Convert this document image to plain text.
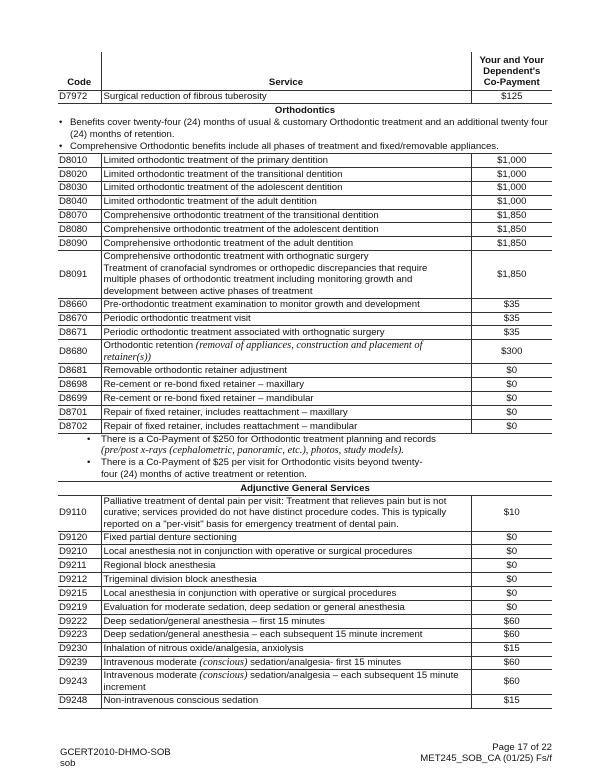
Code	Service	Your and Your
Dependent's
Co-Payment

D7972	Surgical reduction of fibrous tuberosity	$125
Orthodontics
• Benefits cover twenty-four (24) months of usual & customary Orthodontic treatment and an additional twenty four (24) months of retention.
• Comprehensive Orthodontic benefits include all phases of treatment and fixed/removable appliances.
D8010	Limited orthodontic treatment of the primary dentition	$1,000
D8020	Limited orthodontic treatment of the transitional dentition	$1,000
D8030	Limited orthodontic treatment of the adolescent dentition	$1,000
D8040	Limited orthodontic treatment of the adult dentition	$1,000
D8070	Comprehensive orthodontic treatment of the transitional dentition	$1,850
D8080	Comprehensive orthodontic treatment of the adolescent dentition	$1,850
D8090	Comprehensive orthodontic treatment of the adult dentition	$1,850
D8091	Comprehensive orthodontic treatment with orthognatic surgery
Treatment of cranofacial syndromes or orthopedic discrepancies that require multiple phases of orthodontic treatment including monitoring growth and development between active phases of treatment	$1,850
D8660	Pre-orthodontic treatment examination to monitor growth and development	$35
D8670	Periodic orthodontic treatment visit	$35
D8671	Periodic orthodontic treatment associated with orthognatic surgery	$35
D8680	Orthodontic retention (removal of appliances, construction and placement of retainer(s))	$300
D8681	Removable orthodontic retainer adjustment	$0
D8698	Re-cement or re-bond fixed retainer – maxillary	$0
D8699	Re-cement or re-bond fixed retainer – mandibular	$0
D8701	Repair of fixed retainer, includes reattachment – maxillary	$0
D8702	Repair of fixed retainer, includes reattachment – mandibular	$0
• There is a Co-Payment of $250 for Orthodontic treatment planning and records (pre/post x-rays (cephalometric, panoramic, etc.), photos, study models).
• There is a Co-Payment of $25 per visit for Orthodontic visits beyond twenty-four (24) months of active treatment or retention.
Adjunctive General Services
D9110	Palliative treatment of dental pain per visit: Treatment that relieves pain but is not curative; services provided do not have distinct procedure codes. This is typically reported on a "per-visit" basis for emergency treatment of dental pain.	$10
D9120	Fixed partial denture sectioning	$0
D9210	Local anesthesia not in conjunction with operative or surgical procedures	$0
D9211	Regional block anesthesia	$0
D9212	Trigeminal division block anesthesia	$0
D9215	Local anesthesia in conjunction with operative or surgical procedures	$0
D9219	Evaluation for moderate sedation, deep sedation or general anesthesia	$0
D9222	Deep sedation/general anesthesia – first 15 minutes	$60
D9223	Deep sedation/general anesthesia – each subsequent 15 minute increment	$60
D9230	Inhalation of nitrous oxide/analgesia, anxiolysis	$15
D9239	Intravenous moderate (conscious) sedation/analgesia- first 15 minutes	$60
D9243	Intravenous moderate (conscious) sedation/analgesia – each subsequent 15 minute increment	$60
D9248	Non-intravenous conscious sedation	$15
GCERT2010-DHMO-SOB
sob
Page 17 of 22
MET245_SOB_CA (01/25) Fs/f
